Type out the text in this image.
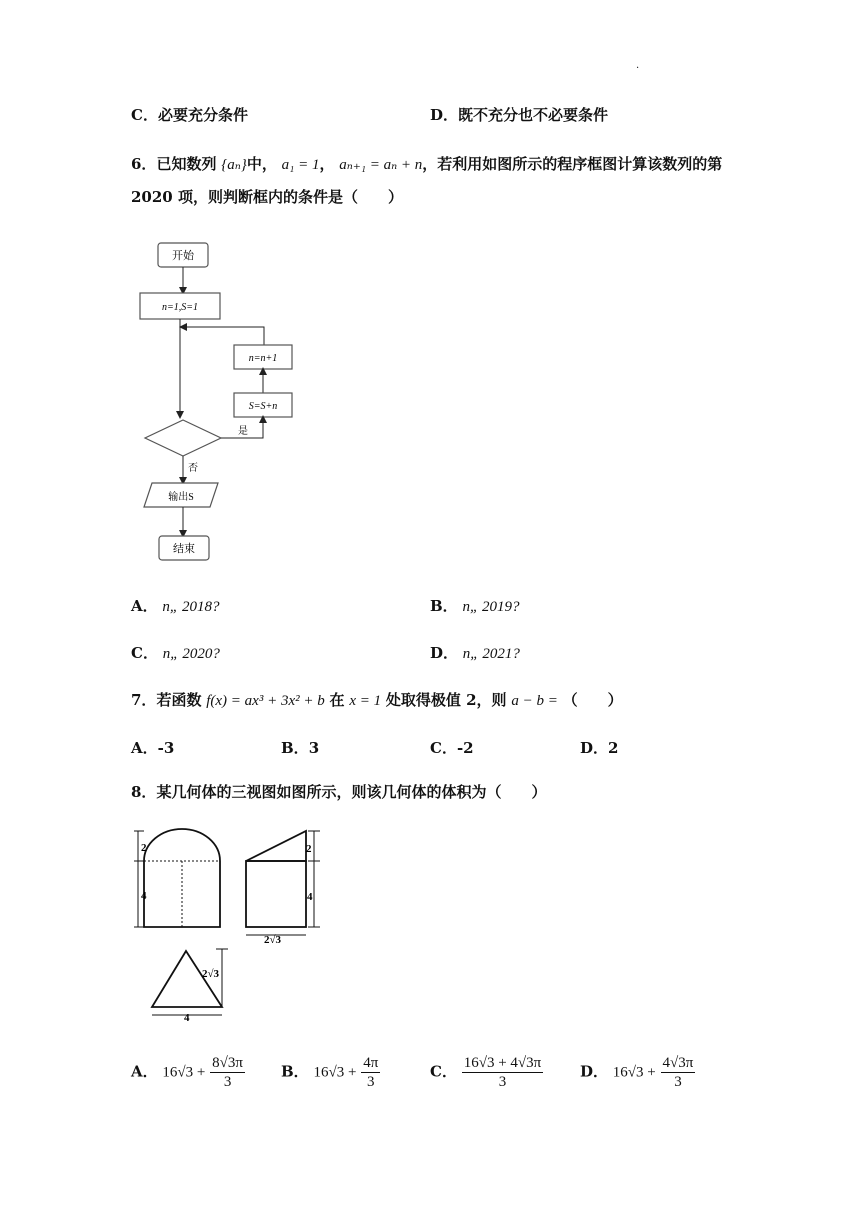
.
C．必要充分条件	D．既不充分也不必要条件
6．已知数列 {aₙ}中， a₁ = 1， aₙ₊₁ = aₙ + n，若利用如图所示的程序框图计算该数列的第
2020 项，则判断框内的条件是（　　）
开始
n=1,S=1
n=n+1
S=S+n
是
否
输出S
结束
A． n„ 2018?	B． n„ 2019?
C． n„ 2020?	D． n„ 2021?
7．若函数 f(x) = ax³ + 3x² + b 在 x = 1 处取得极值 2，则 a − b = （　　）
A．-3	B．3	C．-2	D．2
8．某几何体的三视图如图所示，则该几何体的体积为（　　）
2
4
2
4
2√3
2√3
4
A． $16√3 + \frac{8√3\pi}{3}$ B． $16√3 + \frac{4\pi}{3}$	C． $\frac{16√3 + 4√3\pi}{3}$ D． $16√3 + \frac{4√3\pi}{3}$
